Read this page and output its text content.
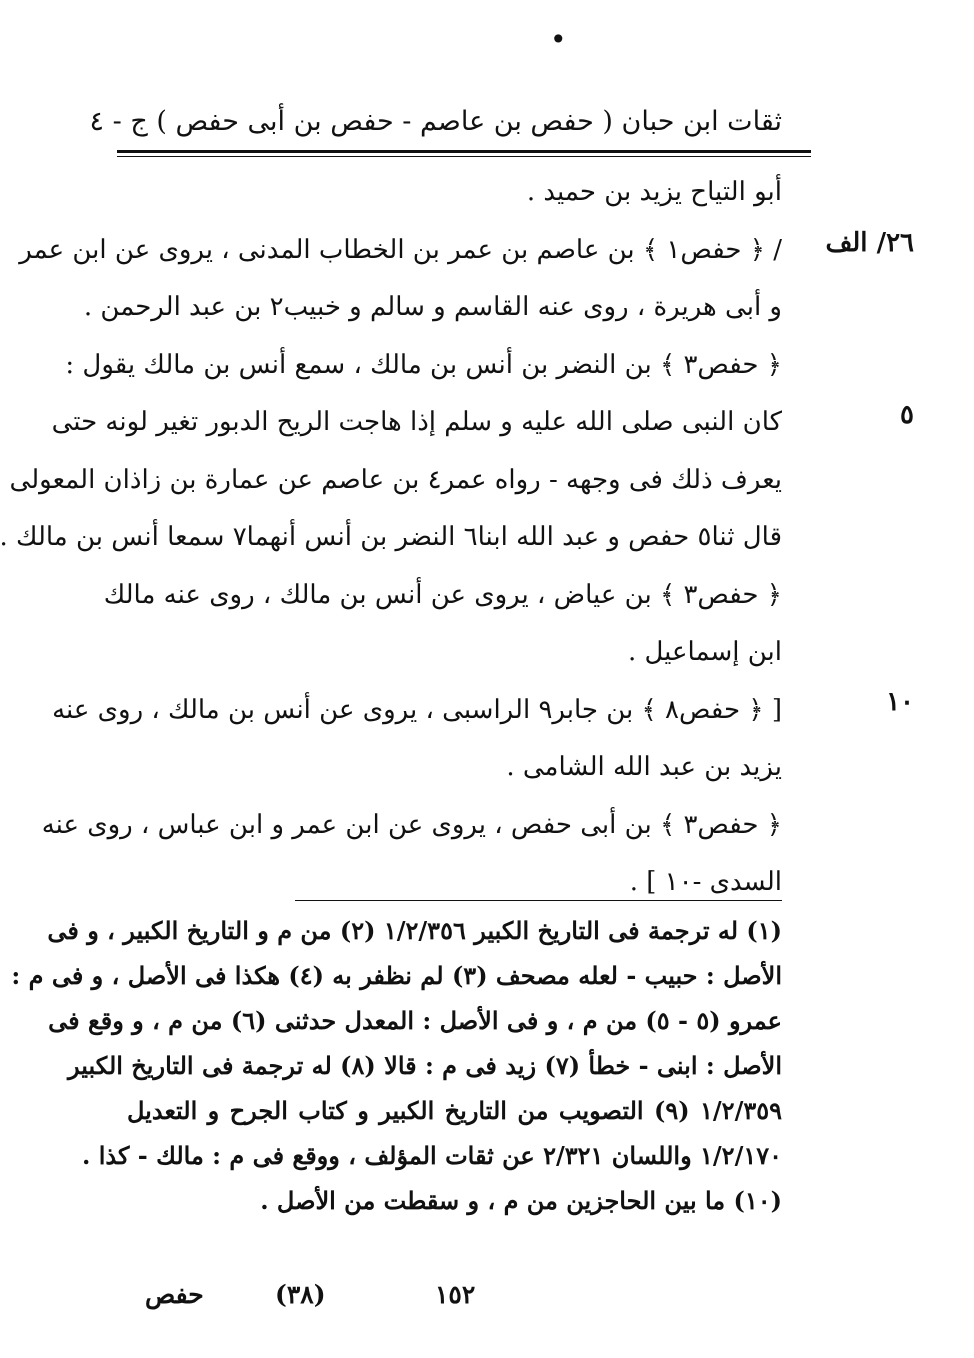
•
ثقات ابن حبان ( حفص بن عاصم - حفص بن أبى حفص ) ج - ٤
٢٦/ الف
٥
١٠
أبو التياح يزيد بن حميد .
/ ﴿ حفص١ ﴾ بن عاصم بن عمر بن الخطاب المدنى ، يروى عن ابن عمر
و أبى هريرة ، روى عنه القاسم و سالم و خبيب٢ بن عبد الرحمن .
﴿ حفص٣ ﴾ بن النضر بن أنس بن مالك ، سمع أنس بن مالك يقول :
كان النبى صلى الله عليه و سلم إذا هاجت الريح الدبور تغير لونه حتى
يعرف ذلك فى وجهه - رواه عمر٤ بن عاصم عن عمارة بن زاذان المعولى
قال ثنا٥ حفص و عبد الله ابنا٦ النضر بن أنس أنهما٧ سمعا أنس بن مالك .
﴿ حفص٣ ﴾ بن عياض ، يروى عن أنس بن مالك ، روى عنه مالك
ابن إسماعيل .
[ ﴿ حفص٨ ﴾ بن جابر٩ الراسبى ، يروى عن أنس بن مالك ، روى عنه
يزيد بن عبد الله الشامى .
﴿ حفص٣ ﴾ بن أبى حفص ، يروى عن ابن عمر و ابن عباس ، روى عنه
السدى -١٠ ] .
(١) له ترجمة فى التاريخ الكبير ١/٢/٣٥٦ (٢) من م و التاريخ الكبير ، و فى
الأصل : حبيب - لعله مصحف (٣) لم نظفر به (٤) هكذا فى الأصل ، و فى م :
عمرو (٥ - ٥) من م ، و فى الأصل : المعدل حدثنى (٦) من م ، و وقع فى
الأصل : ابنى - خطأ (٧) زيد فى م : قالا (٨) له ترجمة فى التاريخ الكبير
١/٢/٣٥٩ (٩) التصويب من التاريخ الكبير و كتاب الجرح و التعديل
١/٢/١٧٠ واللسان ٢/٣٢١ عن ثقات المؤلف ، ووقع فى م : مالك - كذا .
(١٠) ما بين الحاجزين من م ، و سقطت من الأصل .
١٥٢
(٣٨)
حفص
